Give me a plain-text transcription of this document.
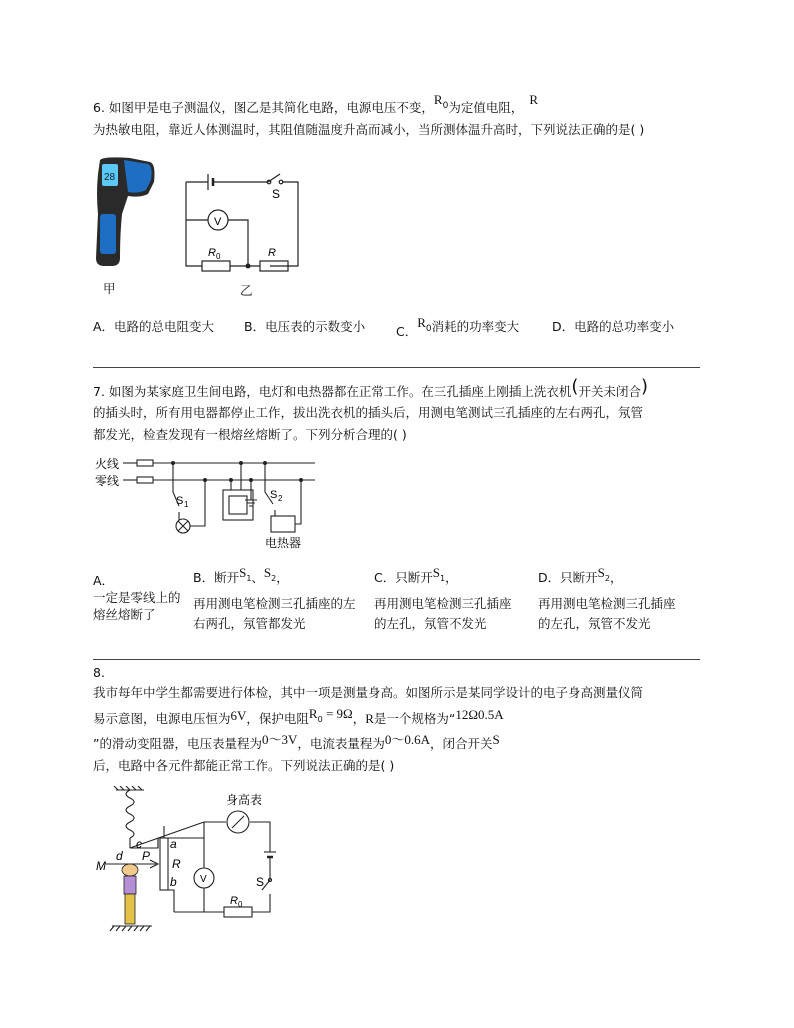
6. 如图甲是电子测温仪，图乙是其简化电路，电源电压不变，$R_0$为定值电阻，R
为热敏电阻，靠近人体测温时，其阻值随温度升高而减小，当所测体温升高时，下列说法正确的是( )
28
甲
S
V
R 0	R
乙
A．电路的总电阻变大 B．电压表的示数变小 C．$R_0$消耗的功率变大	D．电路的总功率变小
7. 如图为某家庭卫生间电路，电灯和电热器都在正常工作。在三孔插座上刚插上洗衣机(开关未闭合)
的插头时，所有用电器都停止工作，拔出洗衣机的插头后，用测电笔测试三孔插座的左右两孔，氖管
都发光，检查发现有一根熔丝熔断了。下列分析合理的( )
火线
零线
S 1
S 2
电热器
A．
一定是零线上的
熔丝熔断了
B．断开$S_1$、$S_2$，
再用测电笔检测三孔插座的左
右两孔，氖管都发光
C．只断开$S_1$，
再用测电笔检测三孔插座
的左孔，氖管不发光
D．只断开$S_2$，
再用测电笔检测三孔插座
的左孔，氖管不发光
8.
我市每年中学生都需要进行体检，其中一项是测量身高。如图所示是某同学设计的电子身高测量仪简
易示意图，电源电压恒为6V，保护电阻$R_0 = 9\Omega$，R是一个规格为“12Ω0.5A
”的滑动变阻器，电压表量程为0～3V，电流表量程为0～0.6A，闭合开关S
后，电路中各元件都能正常工作。下列说法正确的是( )
c a
b
d
M
P
R
V	S
R 0
身高表
